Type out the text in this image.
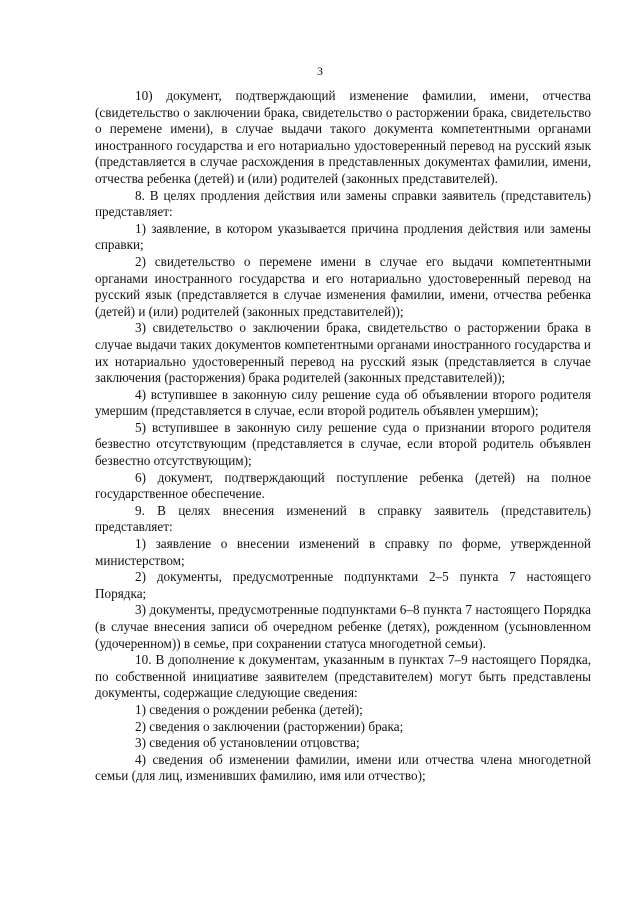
3

10) документ, подтверждающий изменение фамилии, имени, отчества (свидетельство о заключении брака, свидетельство о расторжении брака, свидетельство о перемене имени), в случае выдачи такого документа компетентными органами иностранного государства и его нотариально удостоверенный перевод на русский язык (представляется в случае расхождения в представленных документах фамилии, имени, отчества ребенка (детей) и (или) родителей (законных представителей).

8. В целях продления действия или замены справки заявитель (представитель) представляет:

1) заявление, в котором указывается причина продления действия или замены справки;

2) свидетельство о перемене имени в случае его выдачи компетентными органами иностранного государства и его нотариально удостоверенный перевод на русский язык (представляется в случае изменения фамилии, имени, отчества ребенка (детей) и (или) родителей (законных представителей));

3) свидетельство о заключении брака, свидетельство о расторжении брака в случае выдачи таких документов компетентными органами иностранного государства и их нотариально удостоверенный перевод на русский язык (представляется в случае заключения (расторжения) брака родителей (законных представителей));

4) вступившее в законную силу решение суда об объявлении второго родителя умершим (представляется в случае, если второй родитель объявлен умершим);

5) вступившее в законную силу решение суда о признании второго родителя безвестно отсутствующим (представляется в случае, если второй родитель объявлен безвестно отсутствующим);

6) документ, подтверждающий поступление ребенка (детей) на полное государственное обеспечение.

9. В целях внесения изменений в справку заявитель (представитель) представляет:

1) заявление о внесении изменений в справку по форме, утвержденной министерством;

2) документы, предусмотренные подпунктами 2–5 пункта 7 настоящего Порядка;

3) документы, предусмотренные подпунктами 6–8 пункта 7 настоящего Порядка (в случае внесения записи об очередном ребенке (детях), рожденном (усыновленном (удочеренном)) в семье, при сохранении статуса многодетной семьи).

10. В дополнение к документам, указанным в пунктах 7–9 настоящего Порядка, по собственной инициативе заявителем (представителем) могут быть представлены документы, содержащие следующие сведения:

1) сведения о рождении ребенка (детей);

2) сведения о заключении (расторжении) брака;

3) сведения об установлении отцовства;

4) сведения об изменении фамилии, имени или отчества члена многодетной семьи (для лиц, изменивших фамилию, имя или отчество);
